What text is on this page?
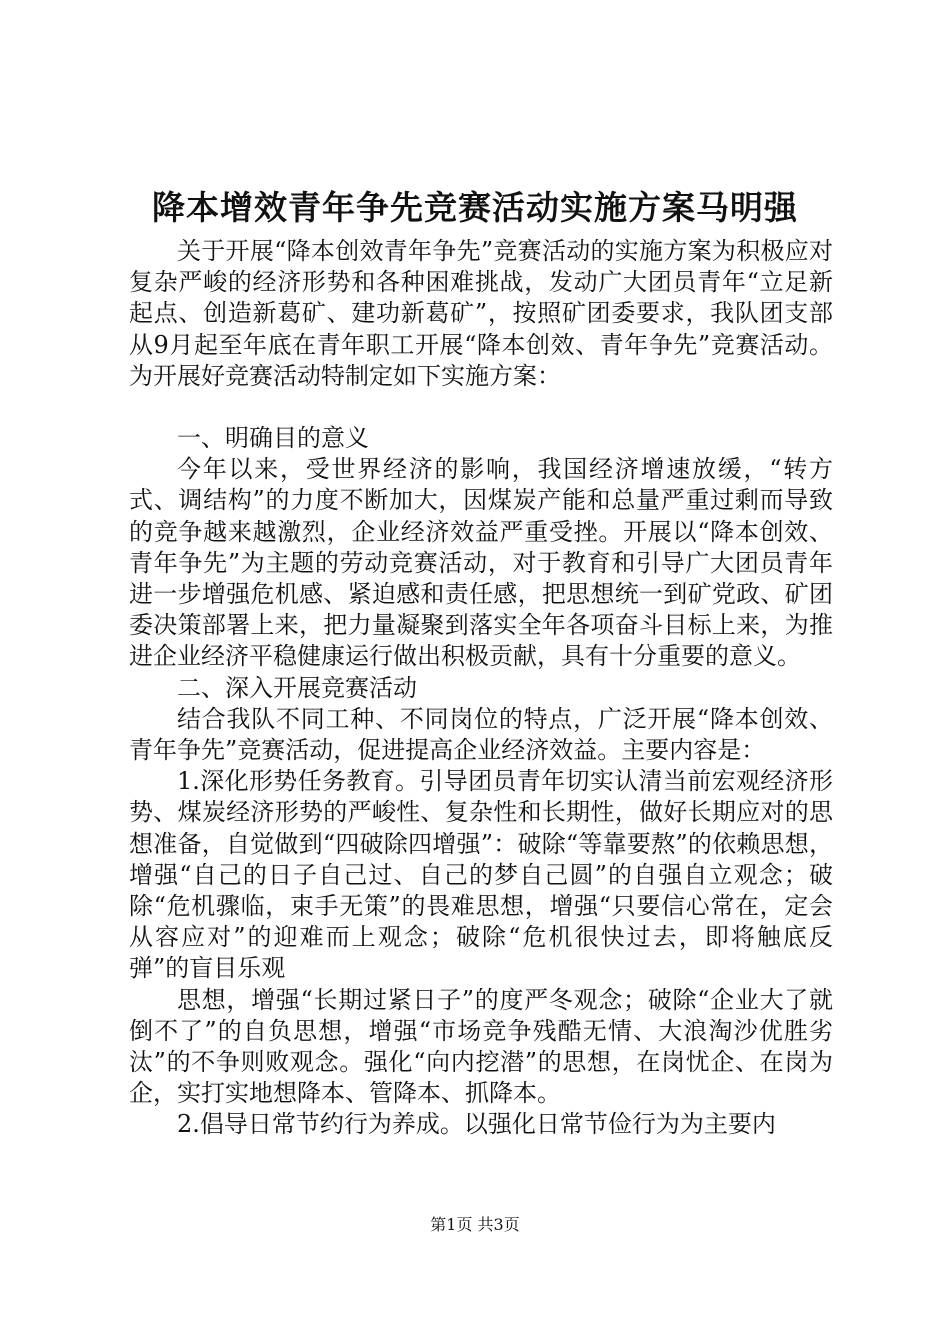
降本增效青年争先竞赛活动实施方案马明强

关于开展“降本创效青年争先”竞赛活动的实施方案为积极应对复杂严峻的经济形势和各种困难挑战，发动广大团员青年“立足新起点、创造新葛矿、建功新葛矿”，按照矿团委要求，我队团支部从9月起至年底在青年职工开展“降本创效、青年争先”竞赛活动。为开展好竞赛活动特制定如下实施方案：

一、明确目的意义

今年以来，受世界经济的影响，我国经济增速放缓，“转方式、调结构”的力度不断加大，因煤炭产能和总量严重过剩而导致的竞争越来越激烈，企业经济效益严重受挫。开展以“降本创效、青年争先”为主题的劳动竞赛活动，对于教育和引导广大团员青年进一步增强危机感、紧迫感和责任感，把思想统一到矿党政、矿团委决策部署上来，把力量凝聚到落实全年各项奋斗目标上来，为推进企业经济平稳健康运行做出积极贡献，具有十分重要的意义。

二、深入开展竞赛活动

结合我队不同工种、不同岗位的特点，广泛开展“降本创效、青年争先”竞赛活动，促进提高企业经济效益。主要内容是：

1.深化形势任务教育。引导团员青年切实认清当前宏观经济形势、煤炭经济形势的严峻性、复杂性和长期性，做好长期应对的思想准备，自觉做到“四破除四增强”：破除“等靠要熬”的依赖思想，增强“自己的日子自己过、自己的梦自己圆”的自强自立观念；破除“危机骤临，束手无策”的畏难思想，增强“只要信心常在，定会从容应对”的迎难而上观念；破除“危机很快过去，即将触底反弹”的盲目乐观

思想，增强“长期过紧日子”的度严冬观念；破除“企业大了就倒不了”的自负思想，增强“市场竞争残酷无情、大浪淘沙优胜劣汰”的不争则败观念。强化“向内挖潜”的思想，在岗忧企、在岗为企，实打实地想降本、管降本、抓降本。

2.倡导日常节约行为养成。以强化日常节俭行为为主要内

第1页 共3页
